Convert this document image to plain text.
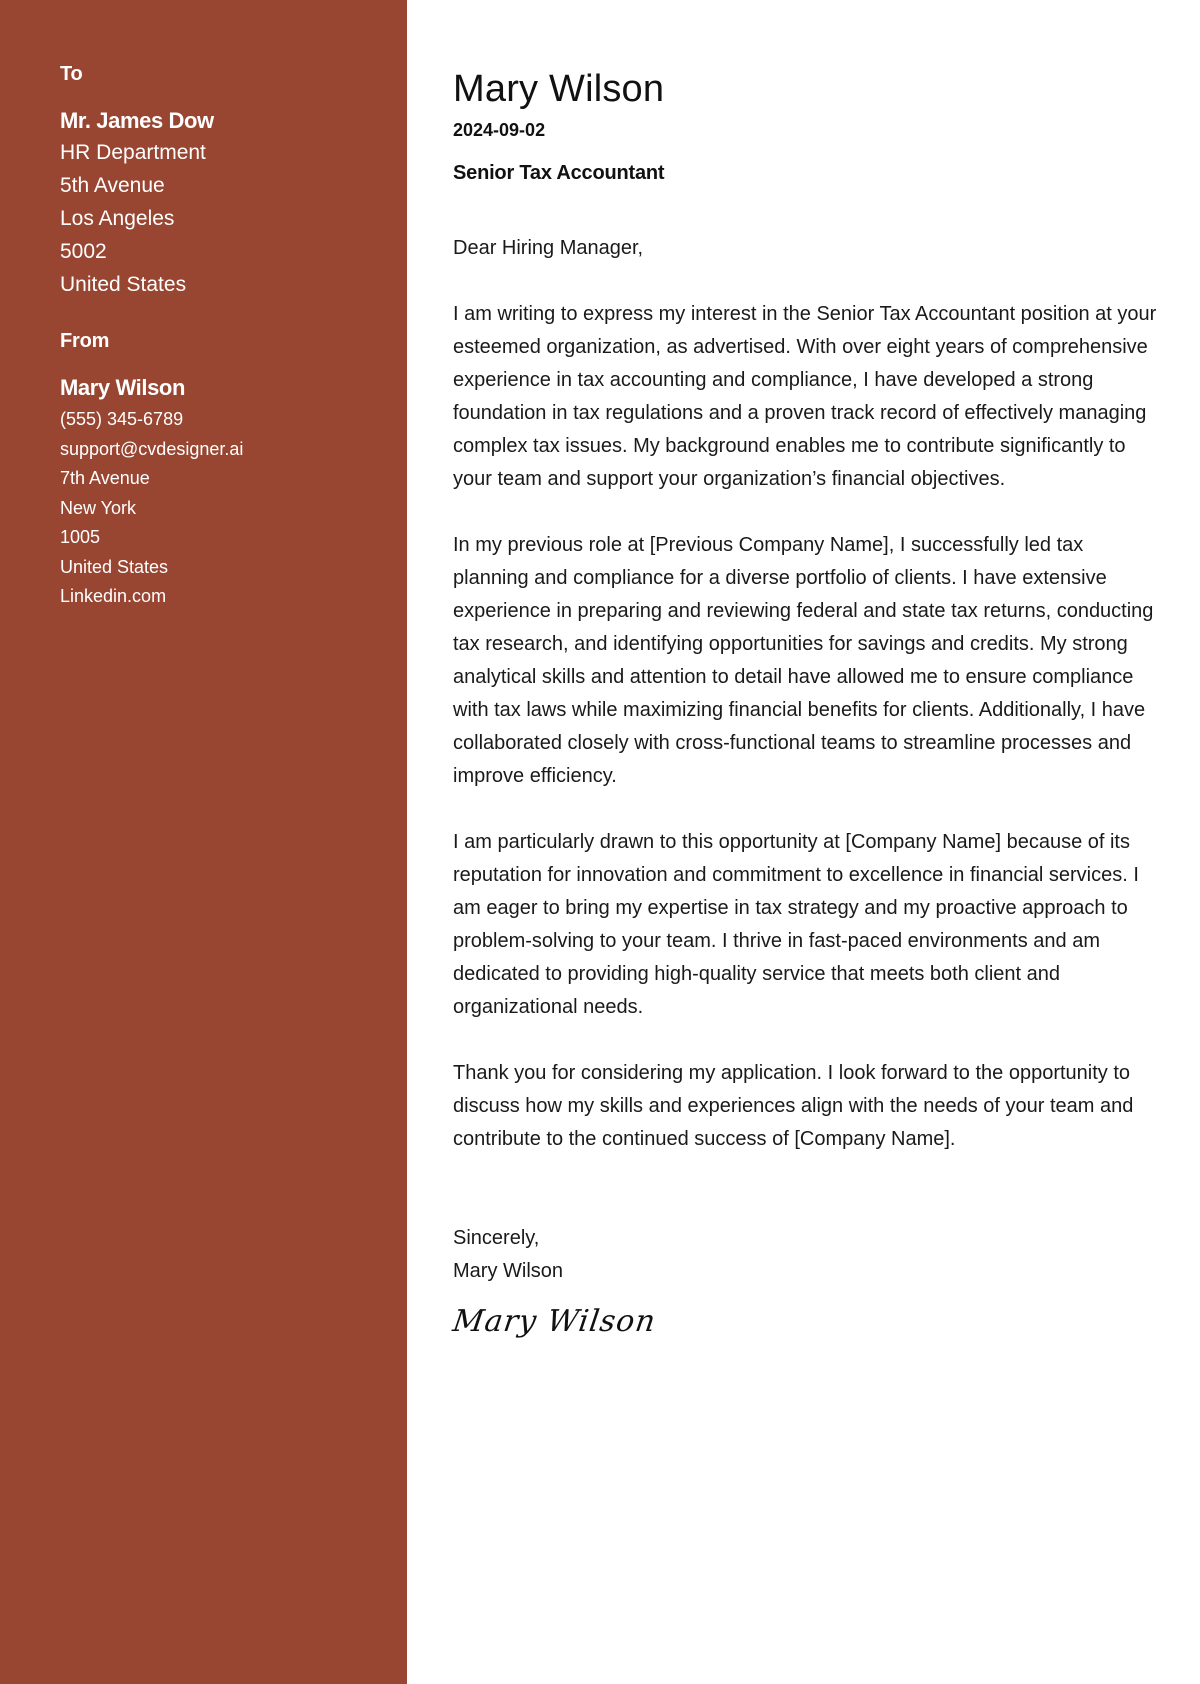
To
Mr. James Dow
HR Department
5th Avenue
Los Angeles
5002
United States
From
Mary Wilson
(555) 345-6789
support@cvdesigner.ai
7th Avenue
New York
1005
United States
Linkedin.com
Mary Wilson
2024-09-02
Senior Tax Accountant

Dear Hiring Manager,

I am writing to express my interest in the Senior Tax Accountant position at your esteemed organization, as advertised. With over eight years of comprehensive experience in tax accounting and compliance, I have developed a strong foundation in tax regulations and a proven track record of effectively managing complex tax issues. My background enables me to contribute significantly to your team and support your organization’s financial objectives.

In my previous role at [Previous Company Name], I successfully led tax planning and compliance for a diverse portfolio of clients. I have extensive experience in preparing and reviewing federal and state tax returns, conducting tax research, and identifying opportunities for savings and credits. My strong analytical skills and attention to detail have allowed me to ensure compliance with tax laws while maximizing financial benefits for clients. Additionally, I have collaborated closely with cross-functional teams to streamline processes and improve efficiency.

I am particularly drawn to this opportunity at [Company Name] because of its reputation for innovation and commitment to excellence in financial services. I am eager to bring my expertise in tax strategy and my proactive approach to problem-solving to your team. I thrive in fast-paced environments and am dedicated to providing high-quality service that meets both client and organizational needs.

Thank you for considering my application. I look forward to the opportunity to discuss how my skills and experiences align with the needs of your team and contribute to the continued success of [Company Name].

Sincerely,

Mary Wilson

Mary Wilson
